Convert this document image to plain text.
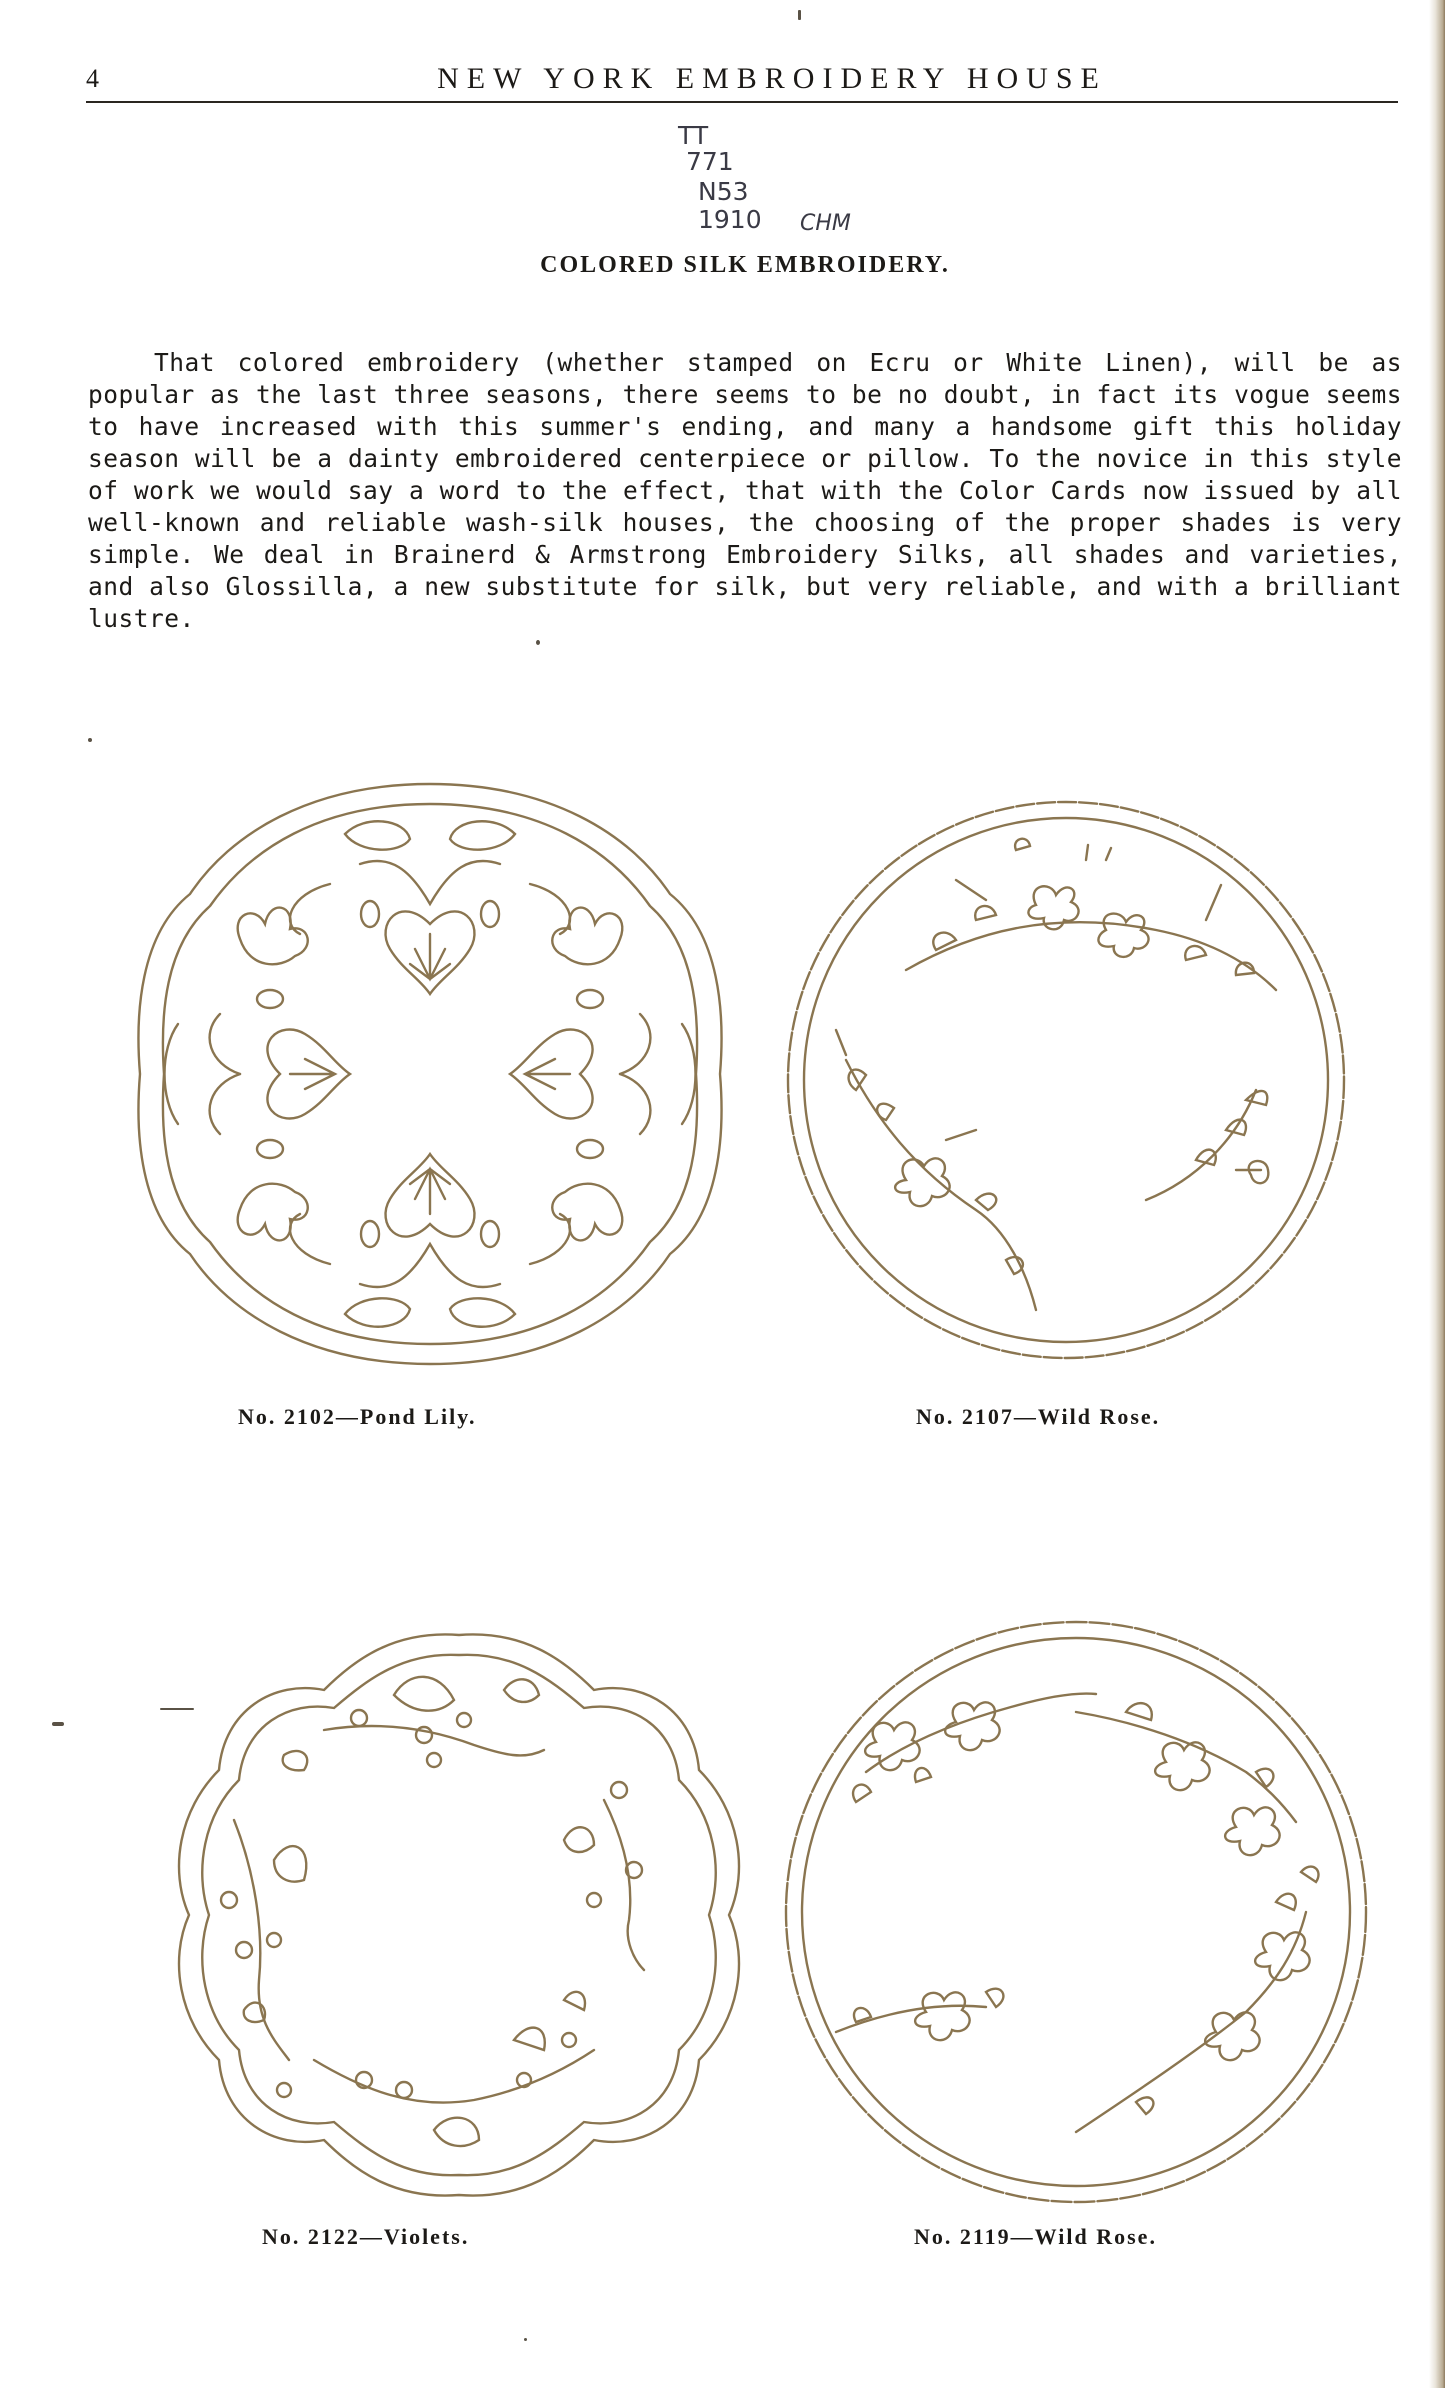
4	NEW YORK EMBROIDERY HOUSE
TT
771
N53
1910 CHM
COLORED SILK EMBROIDERY.

That colored embroidery (whether stamped on Ecru or White Linen), will be as popular as the last three seasons, there seems to be no doubt, in fact its vogue seems to have increased with this summer's ending, and many a handsome gift this holiday season will be a dainty embroidered centerpiece or pillow. To the novice in this style of work we would say a word to the effect, that with the Color Cards now issued by all well-known and reliable wash-silk houses, the choosing of the proper shades is very simple. We deal in Brainerd & Armstrong Embroidery Silks, all shades and varieties, and also Glossilla, a new substitute for silk, but very reliable, and with a brilliant lustre.

No. 2102—Pond Lily.	No. 2107—Wild Rose.
No. 2122—Violets.	No. 2119—Wild Rose.
